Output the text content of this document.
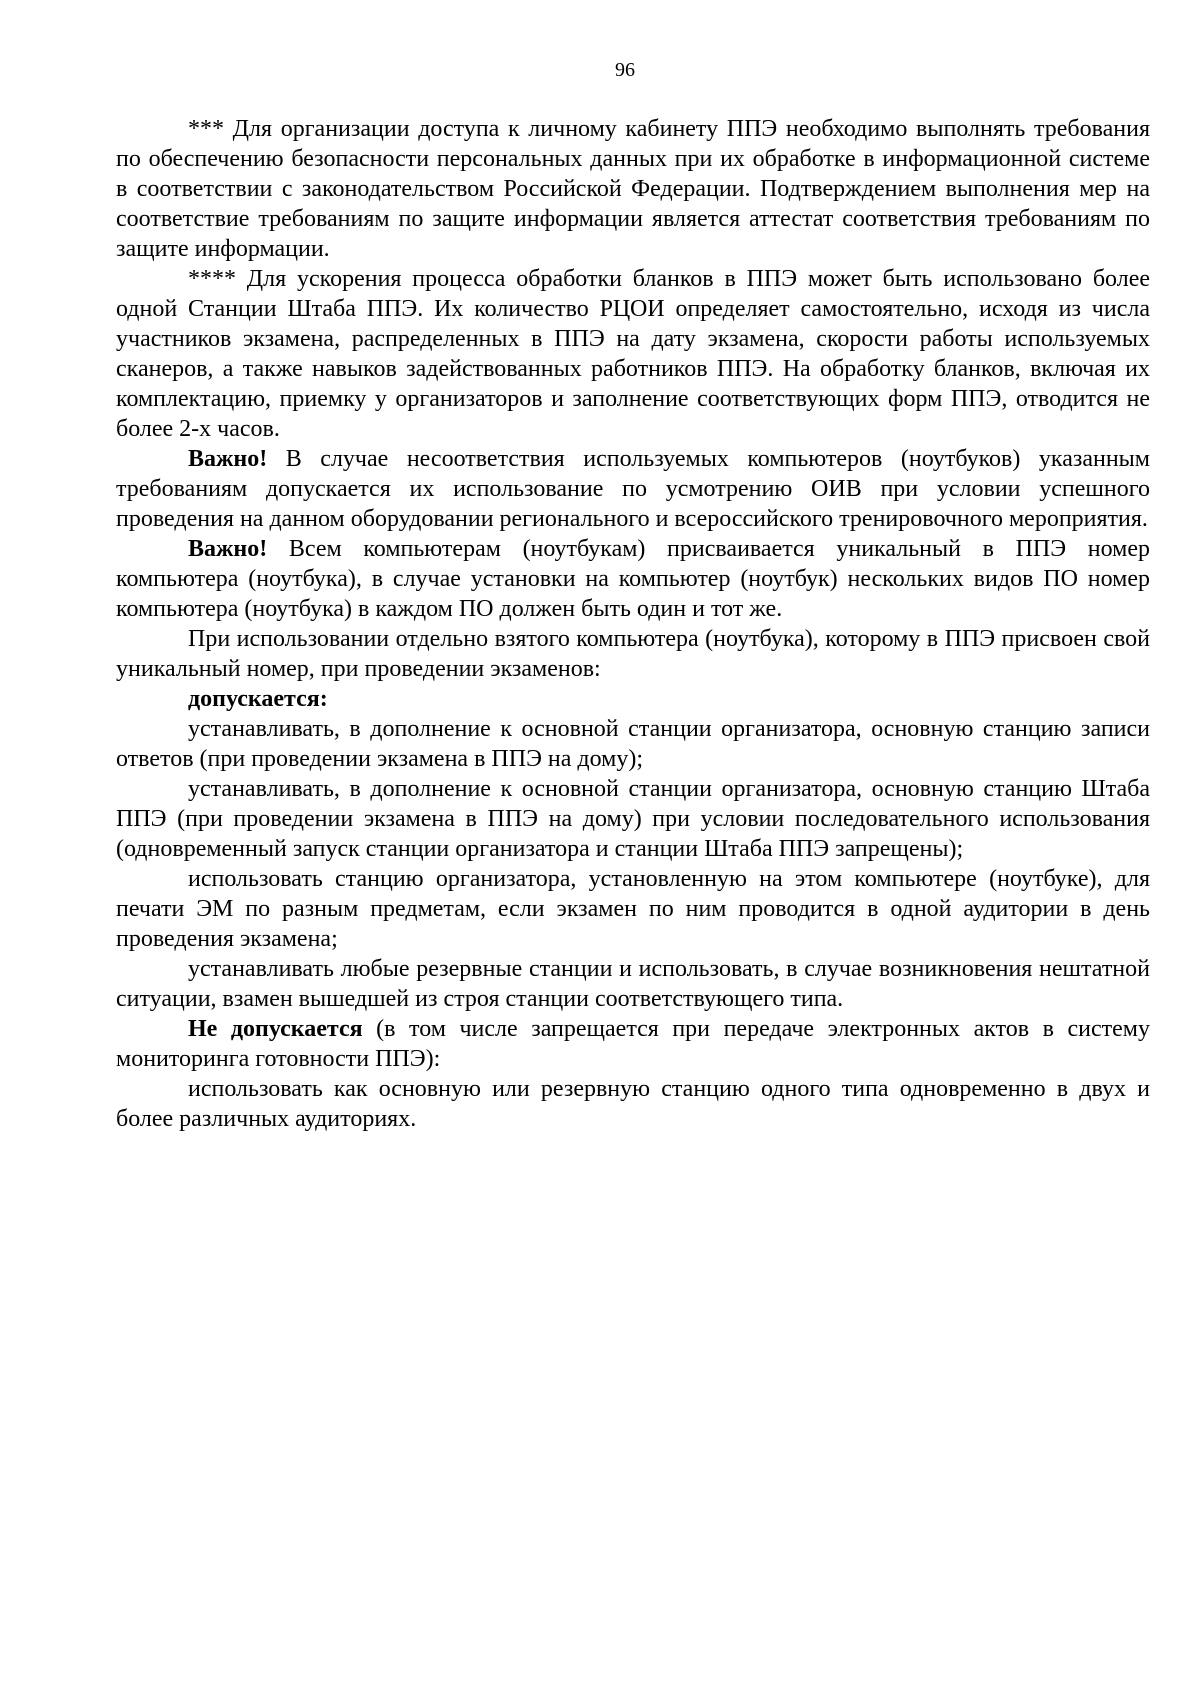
96

*** Для организации доступа к личному кабинету ППЭ необходимо выполнять требования по обеспечению безопасности персональных данных при их обработке в информационной системе в соответствии с законодательством Российской Федерации. Подтверждением выполнения мер на соответствие требованиям по защите информации является аттестат соответствия требованиям по защите информации.

**** Для ускорения процесса обработки бланков в ППЭ может быть использовано более одной Станции Штаба ППЭ. Их количество РЦОИ определяет самостоятельно, исходя из числа участников экзамена, распределенных в ППЭ на дату экзамена, скорости работы используемых сканеров, а также навыков задействованных работников ППЭ. На обработку бланков, включая их комплектацию, приемку у организаторов и заполнение соответствующих форм ППЭ, отводится не более 2-х часов.

Важно! В случае несоответствия используемых компьютеров (ноутбуков) указанным требованиям допускается их использование по усмотрению ОИВ при условии успешного проведения на данном оборудовании регионального и всероссийского тренировочного мероприятия.

Важно! Всем компьютерам (ноутбукам) присваивается уникальный в ППЭ номер компьютера (ноутбука), в случае установки на компьютер (ноутбук) нескольких видов ПО номер компьютера (ноутбука) в каждом ПО должен быть один и тот же.

При использовании отдельно взятого компьютера (ноутбука), которому в ППЭ присвоен свой уникальный номер, при проведении экзаменов:

допускается:

устанавливать, в дополнение к основной станции организатора, основную станцию записи ответов (при проведении экзамена в ППЭ на дому);

устанавливать, в дополнение к основной станции организатора, основную станцию Штаба ППЭ (при проведении экзамена в ППЭ на дому) при условии последовательного использования (одновременный запуск станции организатора и станции Штаба ППЭ запрещены);

использовать станцию организатора, установленную на этом компьютере (ноутбуке), для печати ЭМ по разным предметам, если экзамен по ним проводится в одной аудитории в день проведения экзамена;

устанавливать любые резервные станции и использовать, в случае возникновения нештатной ситуации, взамен вышедшей из строя станции соответствующего типа.

Не допускается (в том числе запрещается при передаче электронных актов в систему мониторинга готовности ППЭ):

использовать как основную или резервную станцию одного типа одновременно в двух и более различных аудиториях.
